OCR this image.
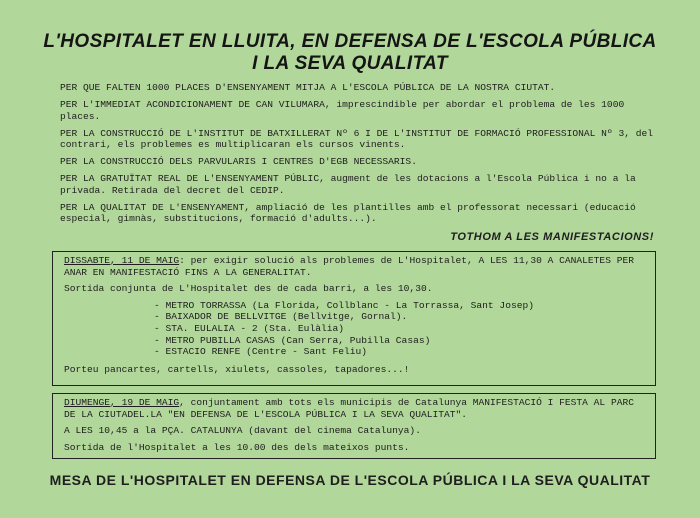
L'HOSPITALET EN LLUITA, EN DEFENSA DE L'ESCOLA PÚBLICA
I LA SEVA QUALITAT

PER QUE FALTEN 1000 PLACES D'ENSENYAMENT MITJA A L'ESCOLA PÚBLICA DE LA NOSTRA CIUTAT.

PER L'IMMEDIAT ACONDICIONAMENT DE CAN VILUMARA, imprescindible per abordar el problema de les 1000 places.

PER LA CONSTRUCCIÓ DE L'INSTITUT DE BATXILLERAT Nº 6 I DE L'INSTITUT DE FORMACIÓ PROFESSIONAL Nº 3, del contrari, els problemes es multiplicaran els cursos vinents.

PER LA CONSTRUCCIÓ DELS PARVULARIS I CENTRES D'EGB NECESSARIS.

PER LA GRATUÏTAT REAL DE L'ENSENYAMENT PÚBLIC, augment de les dotacions a l'Escola Pública i no a la privada. Retirada del decret del CEDIP.

PER LA QUALITAT DE L'ENSENYAMENT, ampliació de les plantilles amb el professorat necessari (educació especial, gimnàs, substitucions, formació d'adults...).

TOTHOM A LES MANIFESTACIONS!

DISSABTE, 11 DE MAIG: per exigir solució als problemes de L'Hospitalet, A LES 11,30 A CANALETES PER ANAR EN MANIFESTACIÓ FINS A LA GENERALITAT.

Sortida conjunta de L'Hospitalet des de cada barri, a les 10,30.

- METRO TORRASSA (La Florida, Collblanc - La Torrassa, Sant Josep)
- BAIXADOR DE BELLVITGE (Bellvitge, Gornal).
- STA. EULALIA - 2 (Sta. Eulàlia)
- METRO PUBILLA CASAS (Can Serra, Pubilla Casas)
- ESTACIO RENFE (Centre - Sant Feliu)

Porteu pancartes, cartells, xiulets, cassoles, tapadores...!

DIUMENGE, 19 DE MAIG, conjuntament amb tots els municipis de Catalunya MANIFESTACIÓ I FESTA AL PARC DE LA CIUTADEL.LA "EN DEFENSA DE L'ESCOLA PÚBLICA I LA SEVA QUALITAT".

A LES 10,45 a la PÇA. CATALUNYA (davant del cinema Catalunya).

Sortida de l'Hospitalet a les 10.00 des dels mateixos punts.

MESA DE L'HOSPITALET EN DEFENSA DE L'ESCOLA PÚBLICA I LA SEVA QUALITAT
